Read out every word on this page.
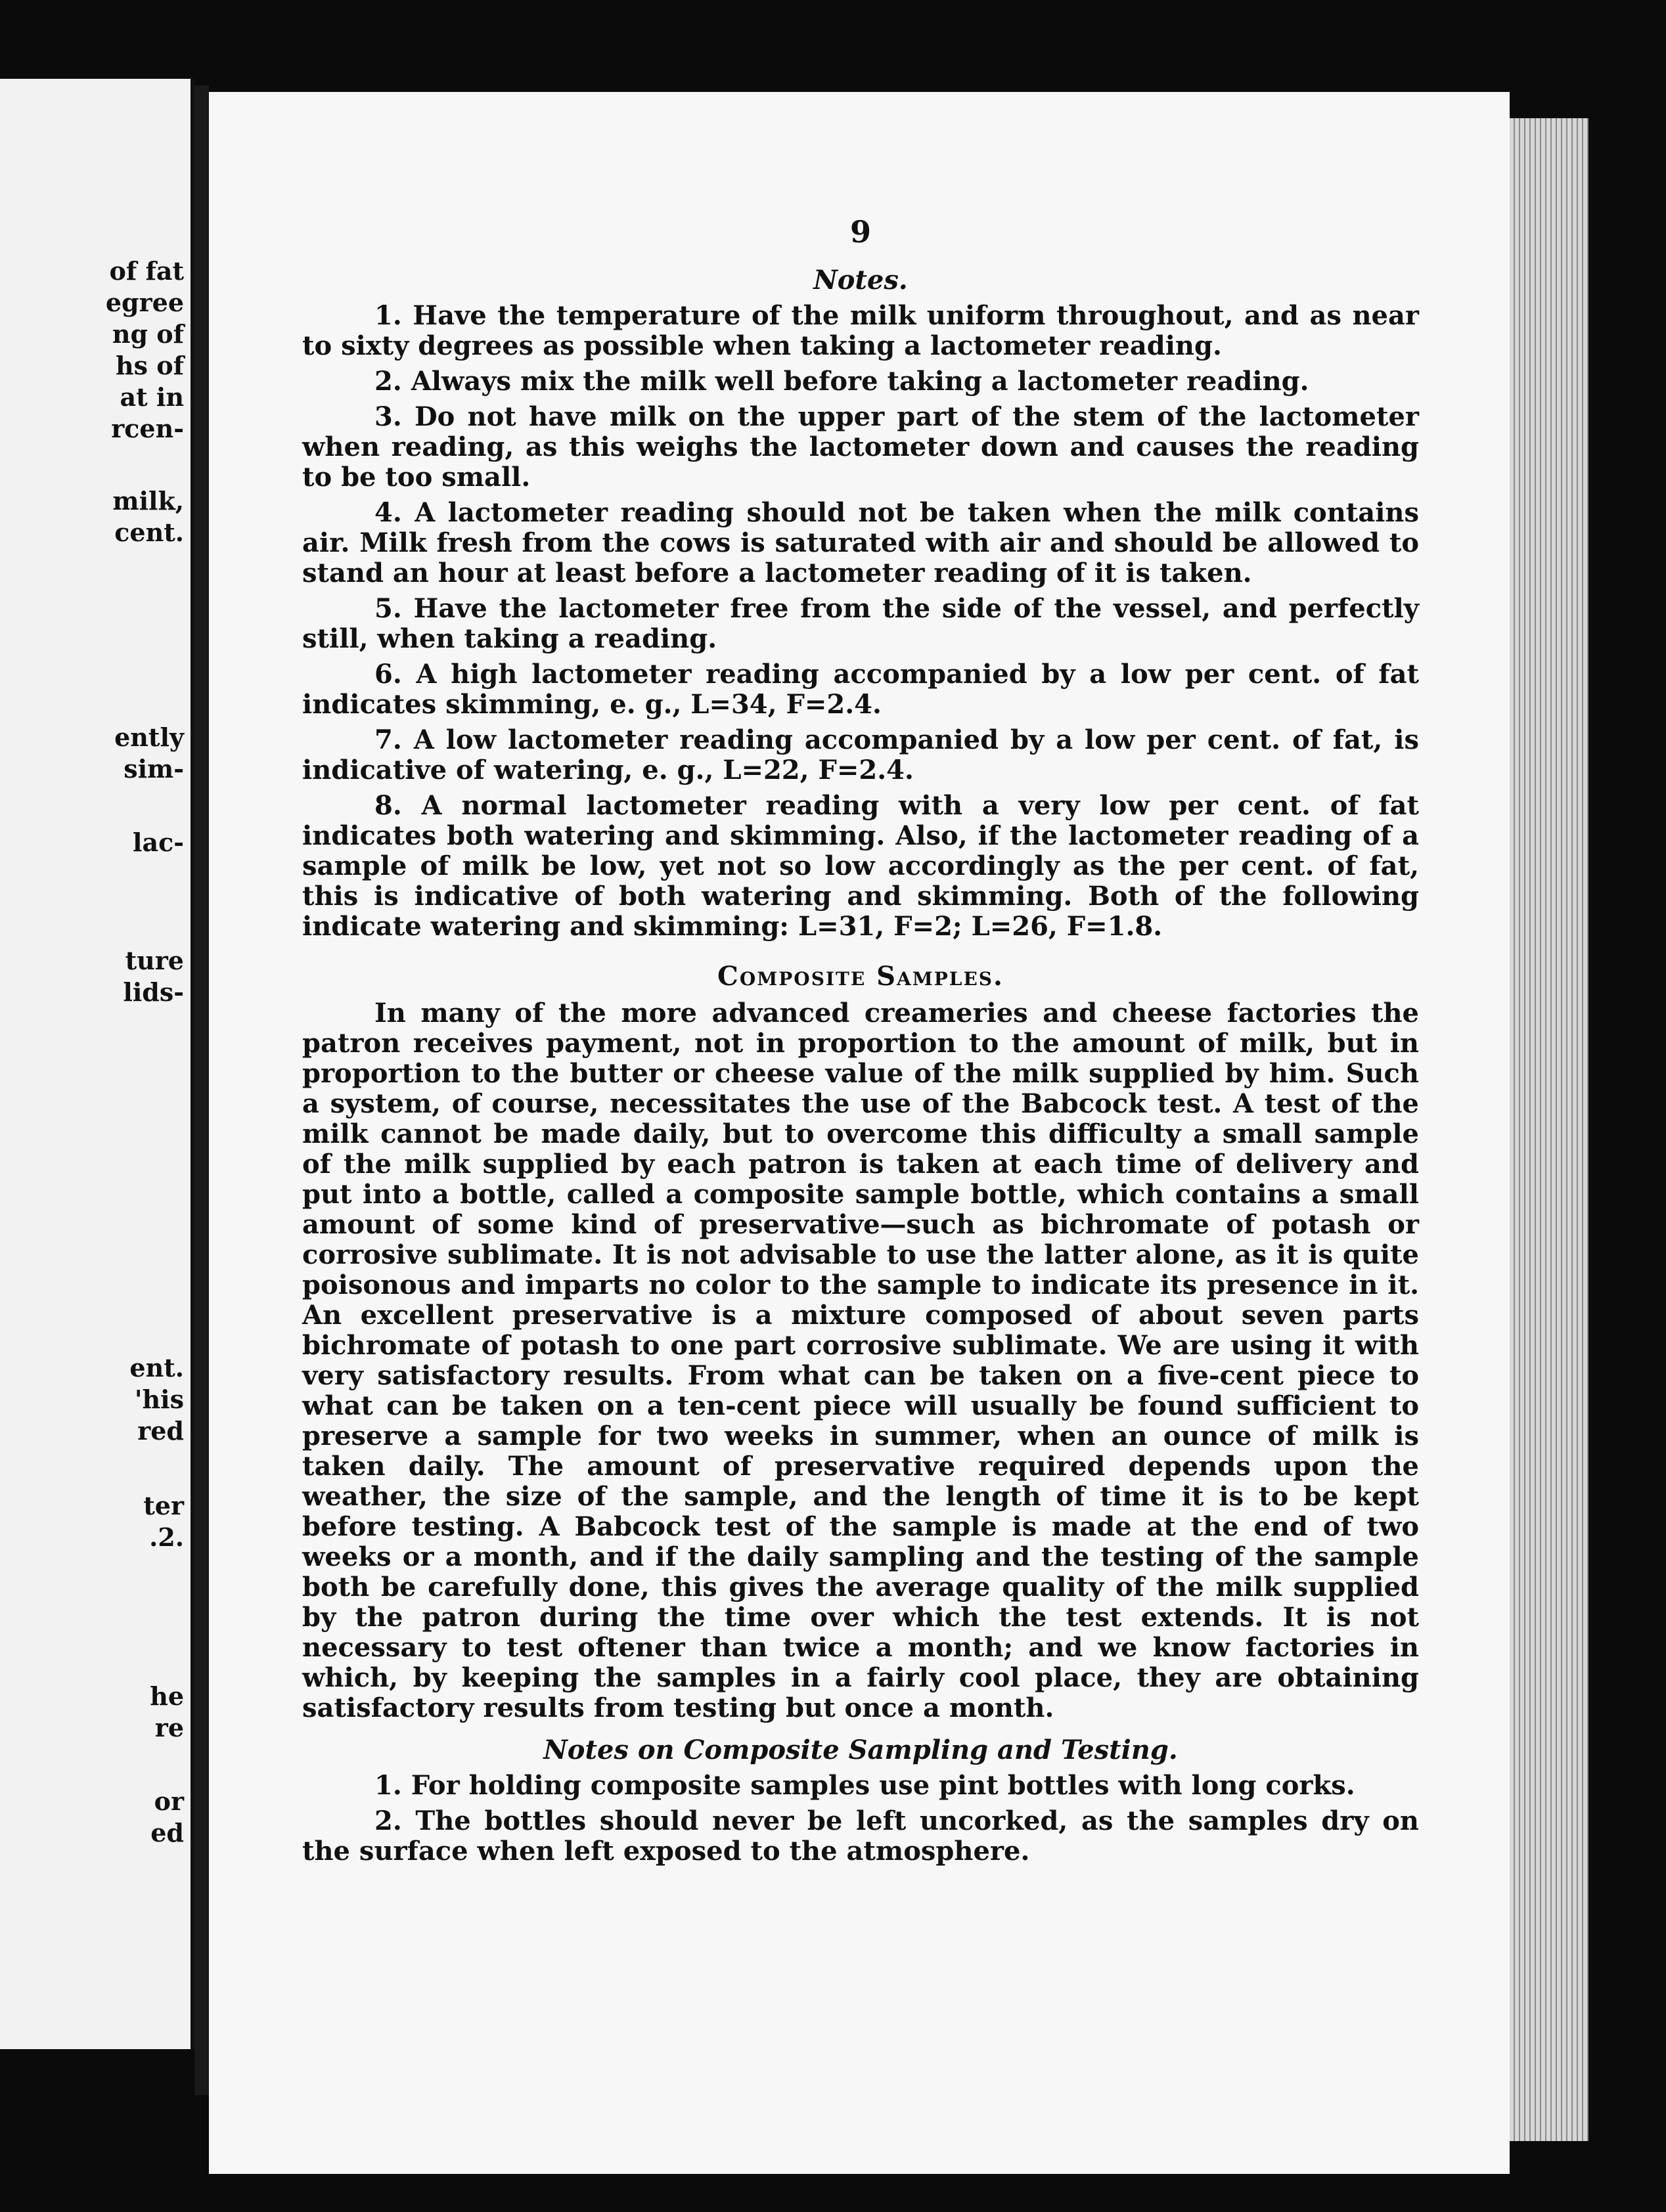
of fat
egree
ng of
hs of
at in
rcen-
milk,
cent.
ently
sim-
lac-
ture
lids-
ent.
'his
red
ter
.2.
he
re
or
ed
9
Notes.

1. Have the temperature of the milk uniform throughout, and as near to sixty degrees as possible when taking a lactometer reading.

2. Always mix the milk well before taking a lactometer reading.

3. Do not have milk on the upper part of the stem of the lactometer when reading, as this weighs the lactometer down and causes the reading to be too small.

4. A lactometer reading should not be taken when the milk contains air. Milk fresh from the cows is saturated with air and should be allowed to stand an hour at least before a lactometer reading of it is taken.

5. Have the lactometer free from the side of the vessel, and perfectly still, when taking a reading.

6. A high lactometer reading accompanied by a low per cent. of fat indicates skimming, e. g., L=34, F=2.4.

7. A low lactometer reading accompanied by a low per cent. of fat, is indicative of watering, e. g., L=22, F=2.4.

8. A normal lactometer reading with a very low per cent. of fat indicates both watering and skimming. Also, if the lactometer reading of a sample of milk be low, yet not so low accordingly as the per cent. of fat, this is indicative of both watering and skimming. Both of the following indicate watering and skimming: L=31, F=2; L=26, F=1.8.

Composite Samples.

In many of the more advanced creameries and cheese factories the patron receives payment, not in proportion to the amount of milk, but in proportion to the butter or cheese value of the milk supplied by him. Such a system, of course, necessitates the use of the Babcock test. A test of the milk cannot be made daily, but to overcome this difficulty a small sample of the milk supplied by each patron is taken at each time of delivery and put into a bottle, called a composite sample bottle, which contains a small amount of some kind of preservative—such as bichromate of potash or corrosive sublimate. It is not advisable to use the latter alone, as it is quite poisonous and imparts no color to the sample to indicate its presence in it. An excellent preservative is a mixture composed of about seven parts bichromate of potash to one part corrosive sublimate. We are using it with very satisfactory results. From what can be taken on a five-cent piece to what can be taken on a ten-cent piece will usually be found sufficient to preserve a sample for two weeks in summer, when an ounce of milk is taken daily. The amount of preservative required depends upon the weather, the size of the sample, and the length of time it is to be kept before testing. A Babcock test of the sample is made at the end of two weeks or a month, and if the daily sampling and the testing of the sample both be carefully done, this gives the average quality of the milk supplied by the patron during the time over which the test extends. It is not necessary to test oftener than twice a month; and we know factories in which, by keeping the samples in a fairly cool place, they are obtaining satisfactory results from testing but once a month.

Notes on Composite Sampling and Testing.

1. For holding composite samples use pint bottles with long corks.

2. The bottles should never be left uncorked, as the samples dry on the surface when left exposed to the atmosphere.
